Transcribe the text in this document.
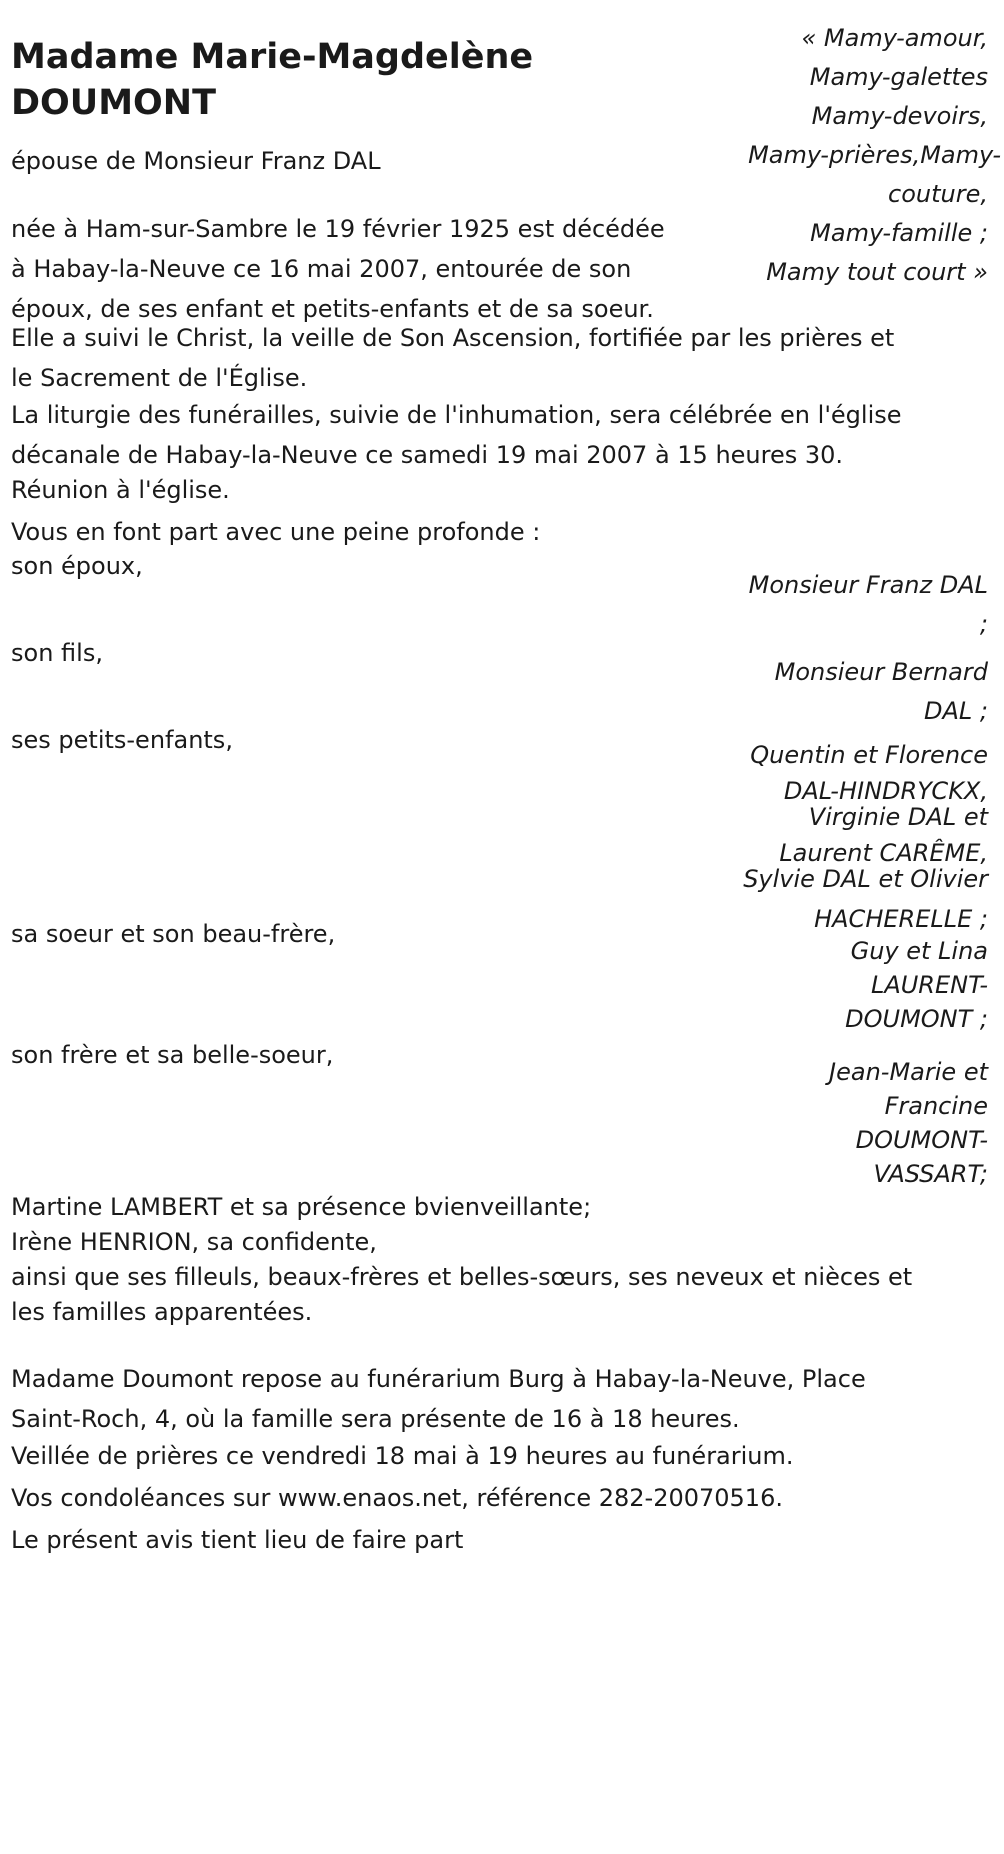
Madame Marie-Magdelène
DOUMONT
« Mamy-amour,
Mamy-galettes
Mamy-devoirs,
Mamy-prières,Mamy-
couture,
Mamy-famille ;
Mamy tout court »

épouse de Monsieur Franz DAL

née à Ham-sur-Sambre le 19 février 1925 est décédée
à Habay-la-Neuve ce 16 mai 2007, entourée de son
époux, de ses enfant et petits-enfants et de sa soeur.

Elle a suivi le Christ, la veille de Son Ascension, fortifiée par les prières et
le Sacrement de l'Église.

La liturgie des funérailles, suivie de l'inhumation, sera célébrée en l'église
décanale de Habay-la-Neuve ce samedi 19 mai 2007 à 15 heures 30.

Réunion à l'église.

Vous en font part avec une peine profonde :

son époux,
Monsieur Franz DAL
;
son fils,
Monsieur Bernard
DAL ;
ses petits-enfants,
Quentin et Florence
DAL-HINDRYCKX,
Virginie DAL et
Laurent CARÊME,
Sylvie DAL et Olivier
HACHERELLE ;
sa soeur et son beau-frère,
Guy et Lina
LAURENT-
DOUMONT ;
son frère et sa belle-soeur,
Jean-Marie et
Francine
DOUMONT-
VASSART;

Martine LAMBERT et sa présence bvienveillante;
Irène HENRION, sa confidente,
ainsi que ses filleuls, beaux-frères et belles-sœurs, ses neveux et nièces et
les familles apparentées.

Madame Doumont repose au funérarium Burg à Habay-la-Neuve, Place
Saint-Roch, 4, où la famille sera présente de 16 à 18 heures.

Veillée de prières ce vendredi 18 mai à 19 heures au funérarium.

Vos condoléances sur www.enaos.net, référence 282-20070516.

Le présent avis tient lieu de faire part
